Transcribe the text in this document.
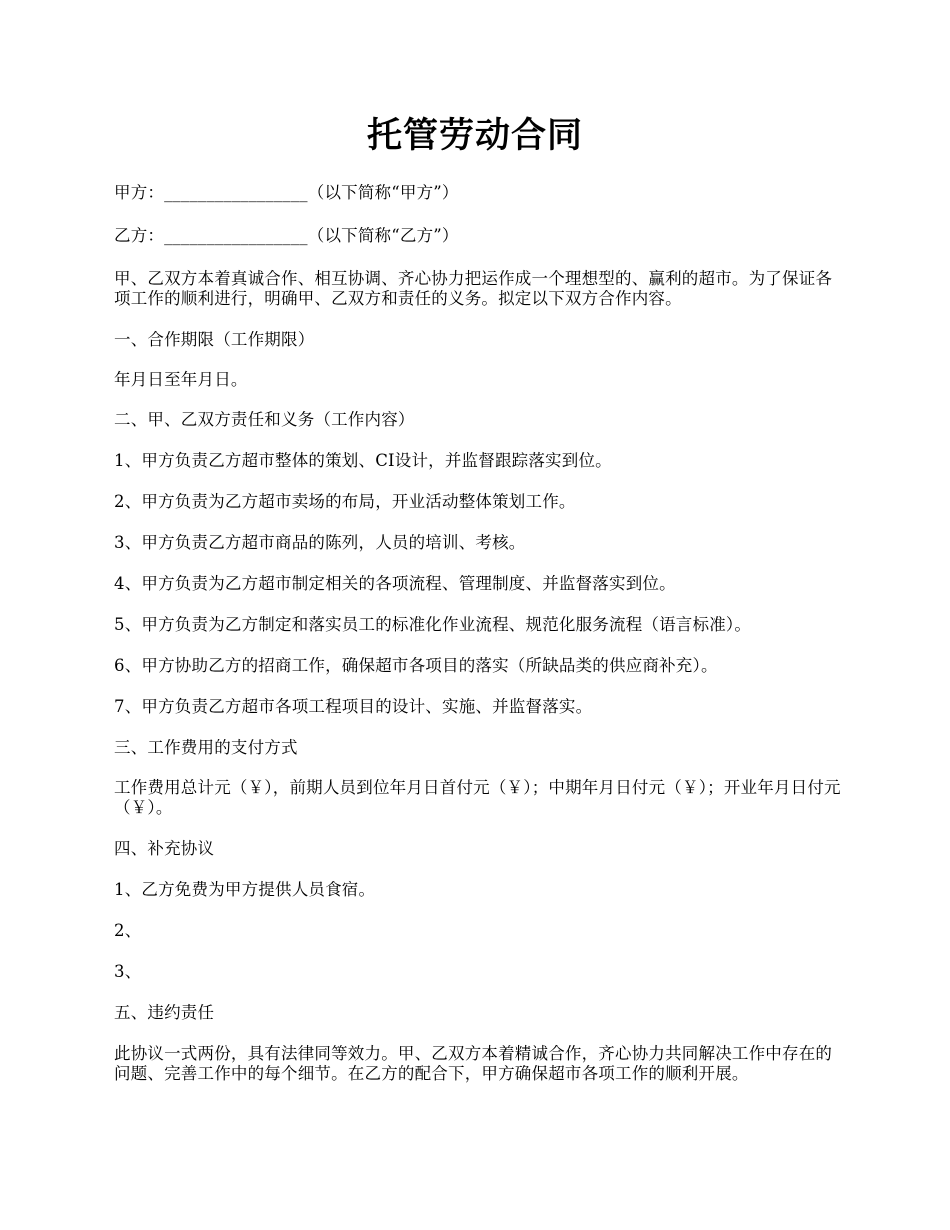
托管劳动合同

甲方：_________________（以下简称“甲方”）

乙方：_________________（以下简称“乙方”）

甲、乙双方本着真诚合作、相互协调、齐心协力把运作成一个理想型的、赢利的超市。为了保证各项工作的顺利进行，明确甲、乙双方和责任的义务。拟定以下双方合作内容。

一、合作期限（工作期限）

年月日至年月日。

二、甲、乙双方责任和义务（工作内容）

1、甲方负责乙方超市整体的策划、CI设计，并监督跟踪落实到位。

2、甲方负责为乙方超市卖场的布局，开业活动整体策划工作。

3、甲方负责乙方超市商品的陈列，人员的培训、考核。

4、甲方负责为乙方超市制定相关的各项流程、管理制度、并监督落实到位。

5、甲方负责为乙方制定和落实员工的标准化作业流程、规范化服务流程（语言标准）。

6、甲方协助乙方的招商工作，确保超市各项目的落实（所缺品类的供应商补充）。

7、甲方负责乙方超市各项工程项目的设计、实施、并监督落实。

三、工作费用的支付方式

工作费用总计元（￥），前期人员到位年月日首付元（￥）；中期年月日付元（￥）；开业年月日付元（￥）。

四、补充协议

1、乙方免费为甲方提供人员食宿。

2、

3、

五、违约责任

此协议一式两份，具有法律同等效力。甲、乙双方本着精诚合作，齐心协力共同解决工作中存在的问题、完善工作中的每个细节。在乙方的配合下，甲方确保超市各项工作的顺利开展。
